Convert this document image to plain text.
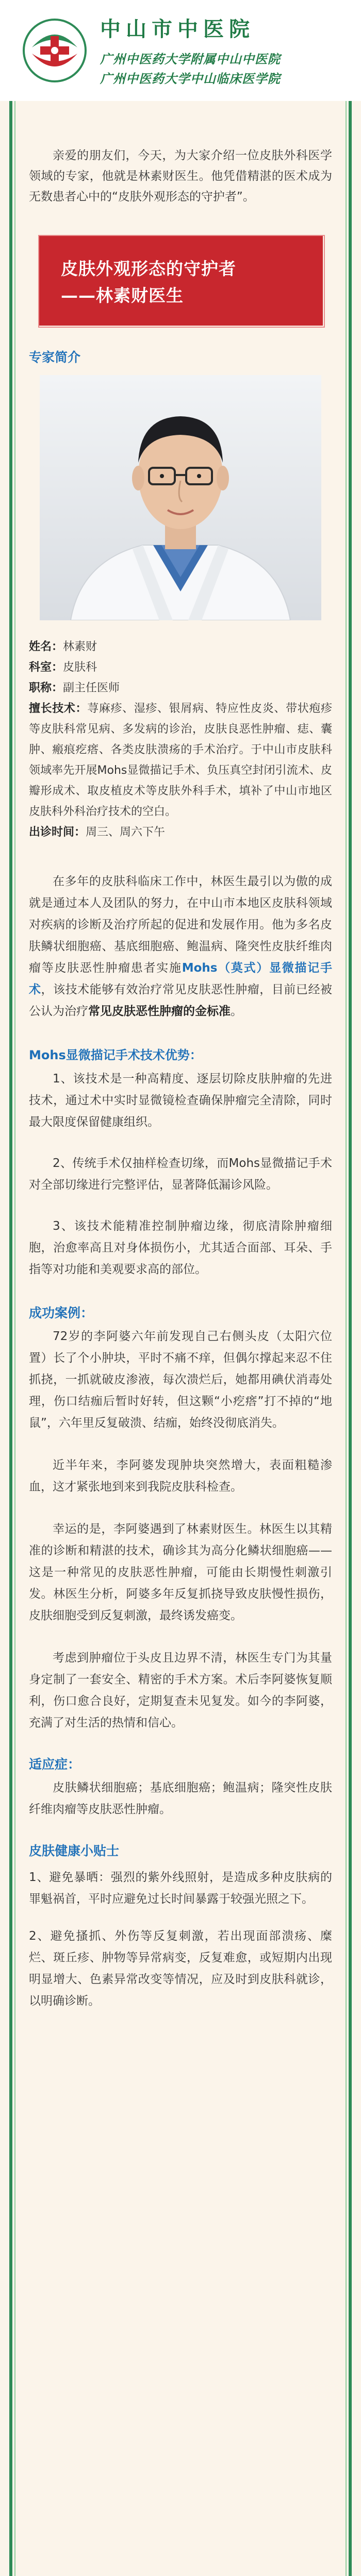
中山市中医院
广州中医药大学附属中山中医院
广州中医药大学中山临床医学院

亲爱的朋友们，今天，为大家介绍一位皮肤外科医学领域的专家，他就是林素财医生。他凭借精湛的医术成为无数患者心中的“皮肤外观形态的守护者”。

皮肤外观形态的守护者
——林素财医生
专家简介

姓名：林素财

科室：皮肤科

职称：副主任医师

擅长技术：荨麻疹、湿疹、银屑病、特应性皮炎、带状疱疹等皮肤科常见病、多发病的诊治，皮肤良恶性肿瘤、痣、囊肿、瘢痕疙瘩、各类皮肤溃疡的手术治疗。于中山市皮肤科领域率先开展Mohs显微描记手术、负压真空封闭引流术、皮瓣形成术、取皮植皮术等皮肤外科手术，填补了中山市地区皮肤科外科治疗技术的空白。

出诊时间：周三、周六下午

在多年的皮肤科临床工作中，林医生最引以为傲的成就是通过本人及团队的努力，在中山市本地区皮肤科领域对疾病的诊断及治疗所起的促进和发展作用。他为多名皮肤鳞状细胞癌、基底细胞癌、鲍温病、隆突性皮肤纤维肉瘤等皮肤恶性肿瘤患者实施Mohs（莫式）显微描记手术，该技术能够有效治疗常见皮肤恶性肿瘤，目前已经被公认为治疗常见皮肤恶性肿瘤的金标准。

Mohs显微描记手术技术优势：

1、该技术是一种高精度、逐层切除皮肤肿瘤的先进技术，通过术中实时显微镜检查确保肿瘤完全清除，同时最大限度保留健康组织。

2、传统手术仅抽样检查切缘，而Mohs显微描记手术对全部切缘进行完整评估，显著降低漏诊风险。

3、该技术能精准控制肿瘤边缘，彻底清除肿瘤细胞，治愈率高且对身体损伤小，尤其适合面部、耳朵、手指等对功能和美观要求高的部位。

成功案例：

72岁的李阿婆六年前发现自己右侧头皮（太阳穴位置）长了个小肿块，平时不痛不痒，但偶尔撑起来忍不住抓挠，一抓就破皮渗液，每次溃烂后，她都用碘伏消毒处理，伤口结痂后暂时好转，但这颗“小疙瘩”打不掉的“地鼠”，六年里反复破溃、结痂，始终没彻底消失。

近半年来，李阿婆发现肿块突然增大，表面粗糙渗血，这才紧张地到来到我院皮肤科检查。

幸运的是，李阿婆遇到了林素财医生。林医生以其精准的诊断和精湛的技术，确诊其为高分化鳞状细胞癌——这是一种常见的皮肤恶性肿瘤，可能由长期慢性刺激引发。林医生分析，阿婆多年反复抓挠导致皮肤慢性损伤，皮肤细胞受到反复刺激，最终诱发癌变。

考虑到肿瘤位于头皮且边界不清，林医生专门为其量身定制了一套安全、精密的手术方案。术后李阿婆恢复顺利，伤口愈合良好，定期复查未见复发。如今的李阿婆，充满了对生活的热情和信心。

适应症：

皮肤鳞状细胞癌；基底细胞癌；鲍温病；隆突性皮肤纤维肉瘤等皮肤恶性肿瘤。

皮肤健康小贴士

1、避免暴晒：强烈的紫外线照射，是造成多种皮肤病的罪魁祸首，平时应避免过长时间暴露于较强光照之下。

2、避免搔抓、外伤等反复刺激，若出现面部溃疡、糜烂、斑丘疹、肿物等异常病变，反复难愈，或短期内出现明显增大、色素异常改变等情况，应及时到皮肤科就诊，以明确诊断。
